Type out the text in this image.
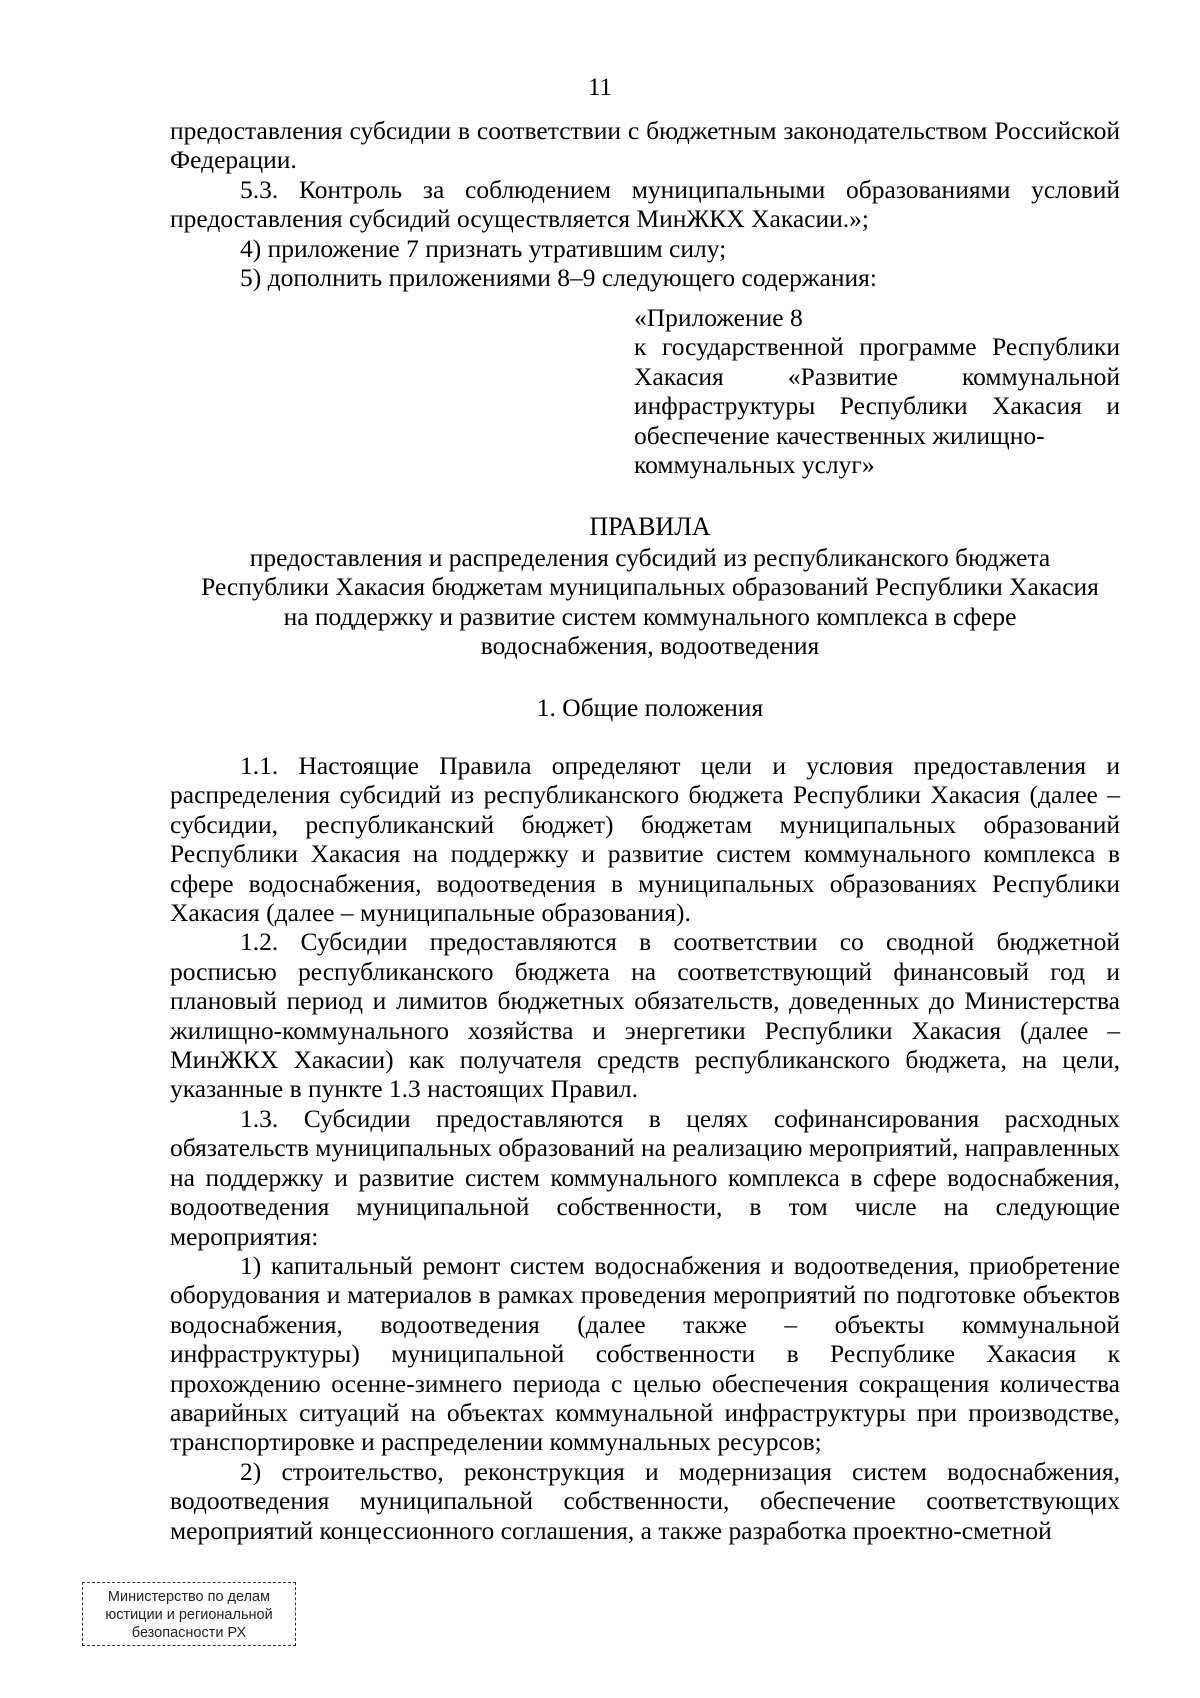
11

предоставления субсидии в соответствии с бюджетным законодательством Российской Федерации.

5.3. Контроль за соблюдением муниципальными образованиями условий предоставления субсидий осуществляется МинЖКХ Хакасии.»;

4) приложение 7 признать утратившим силу;

5) дополнить приложениями 8–9 следующего содержания:

«Приложение 8

к государственной программе Республики Хакасия «Развитие коммунальной инфраструктуры Республики Хакасия и обеспечение качественных жилищно-

коммунальных услуг»

ПРАВИЛА

предоставления и распределения субсидий из республиканского бюджета

Республики Хакасия бюджетам муниципальных образований Республики Хакасия

на поддержку и развитие систем коммунального комплекса в сфере

водоснабжения, водоотведения

1. Общие положения

1.1. Настоящие Правила определяют цели и условия предоставления и распределения субсидий из республиканского бюджета Республики Хакасия (далее – субсидии, республиканский бюджет) бюджетам муниципальных образований Республики Хакасия на поддержку и развитие систем коммунального комплекса в сфере водоснабжения, водоотведения в муниципальных образованиях Республики Хакасия (далее – муниципальные образования).

1.2. Субсидии предоставляются в соответствии со сводной бюджетной росписью республиканского бюджета на соответствующий финансовый год и плановый период и лимитов бюджетных обязательств, доведенных до Министерства жилищно-коммунального хозяйства и энергетики Республики Хакасия (далее – МинЖКХ Хакасии) как получателя средств республиканского бюджета, на цели, указанные в пункте 1.3 настоящих Правил.

1.3. Субсидии предоставляются в целях софинансирования расходных обязательств муниципальных образований на реализацию мероприятий, направленных на поддержку и развитие систем коммунального комплекса в сфере водоснабжения, водоотведения муниципальной собственности, в том числе на следующие мероприятия:

1) капитальный ремонт систем водоснабжения и водоотведения, приобретение оборудования и материалов в рамках проведения мероприятий по подготовке объектов водоснабжения, водоотведения (далее также – объекты коммунальной инфраструктуры) муниципальной собственности в Республике Хакасия к прохождению осенне-зимнего периода с целью обеспечения сокращения количества аварийных ситуаций на объектах коммунальной инфраструктуры при производстве, транспортировке и распределении коммунальных ресурсов;

2) строительство, реконструкция и модернизация систем водоснабжения, водоотведения муниципальной собственности, обеспечение соответствующих мероприятий концессионного соглашения, а также разработка проектно-сметной

Министерство по делам
юстиции и региональной
безопасности РХ
